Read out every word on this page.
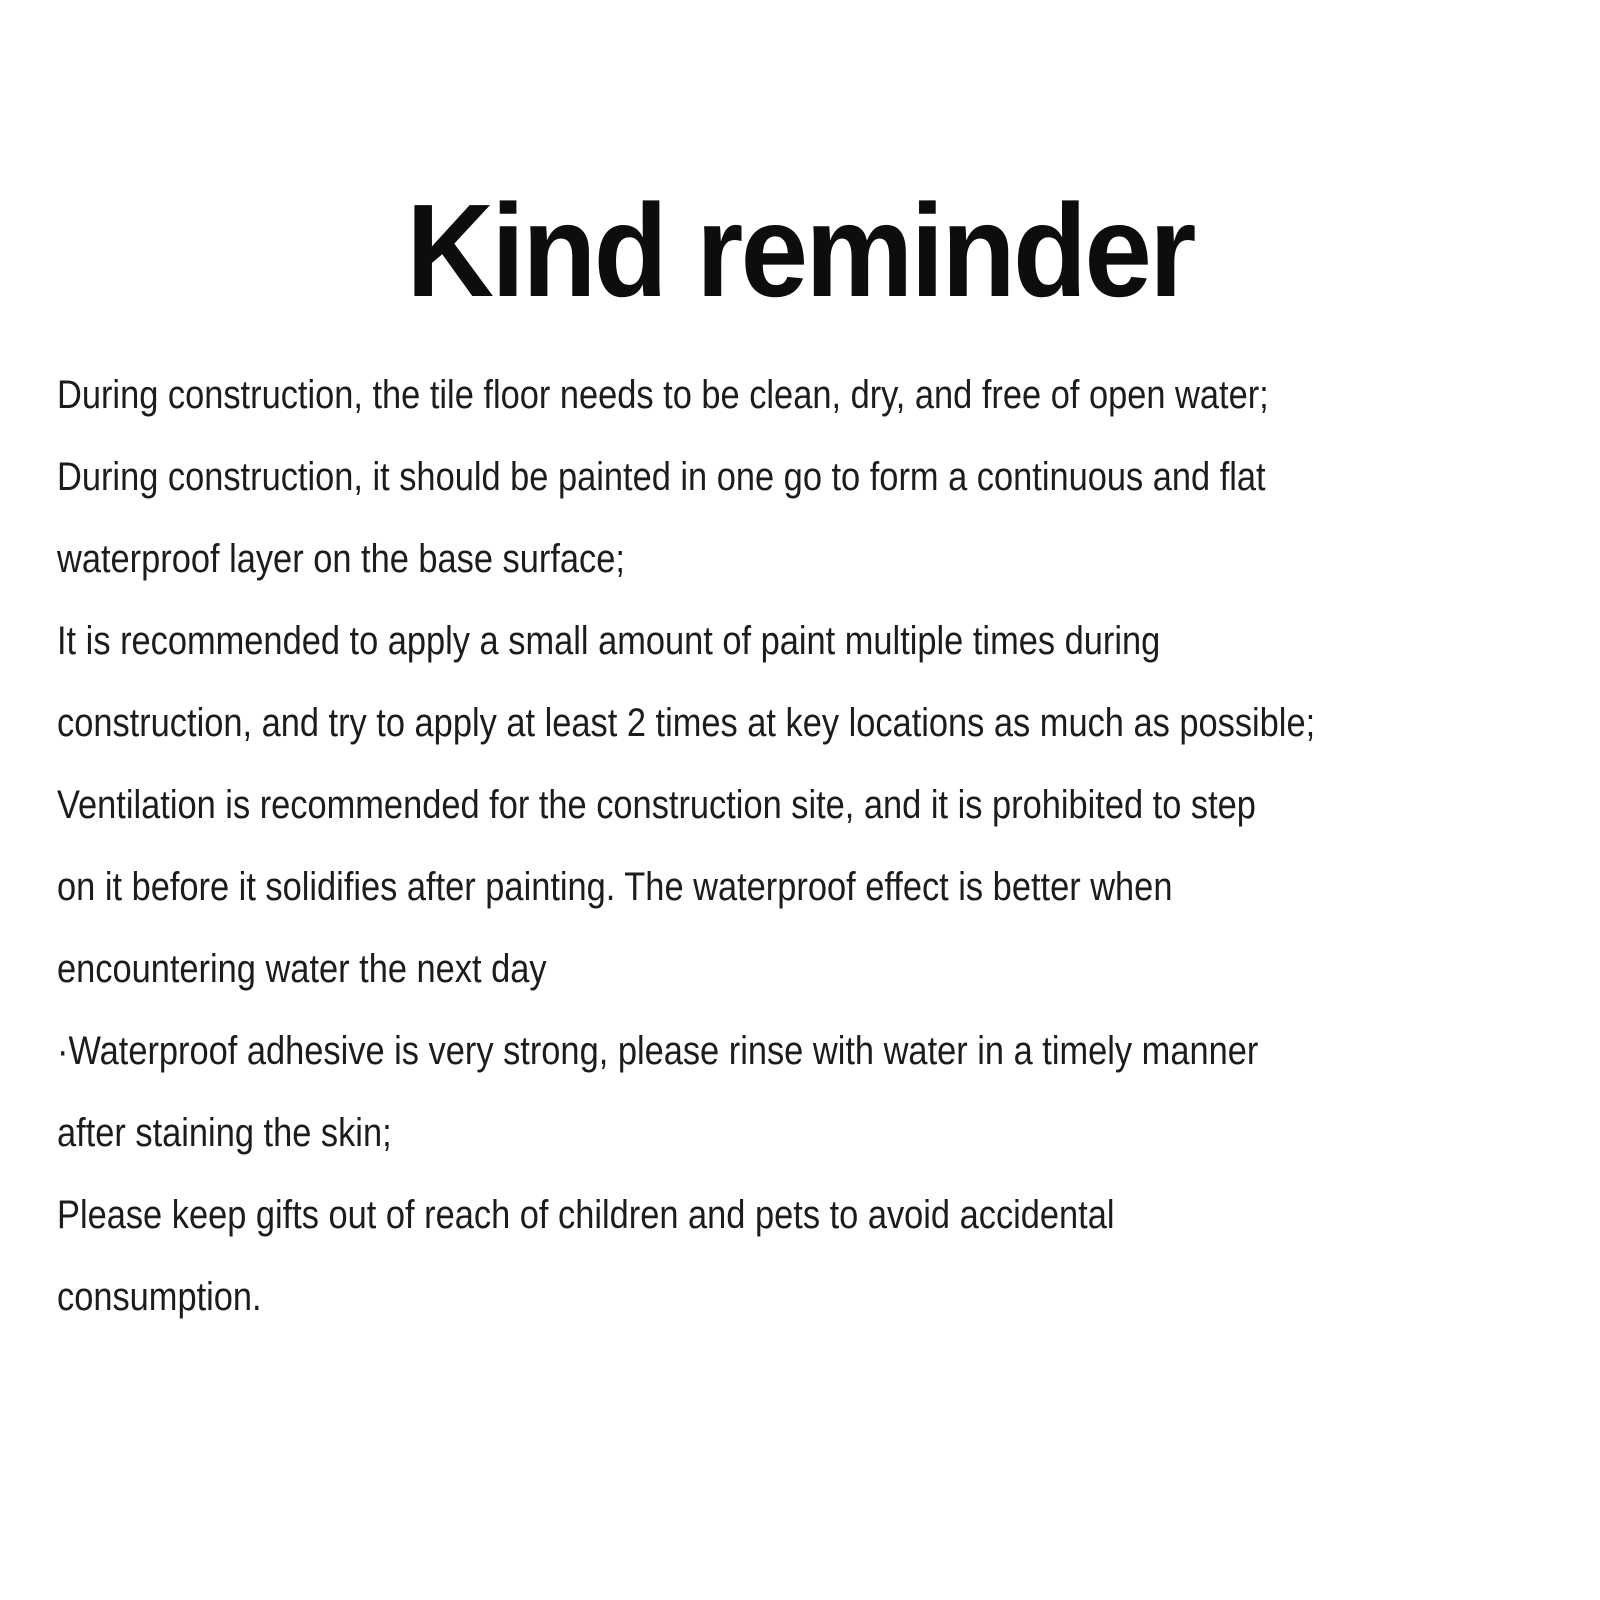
Kind reminder
During construction, the tile floor needs to be clean, dry, and free of open water;
During construction, it should be painted in one go to form a continuous and flat
waterproof layer on the base surface;
It is recommended to apply a small amount of paint multiple times during
construction, and try to apply at least 2 times at key locations as much as possible;
Ventilation is recommended for the construction site, and it is prohibited to step
on it before it solidifies after painting. The waterproof effect is better when
encountering water the next day
·Waterproof adhesive is very strong, please rinse with water in a timely manner
after staining the skin;
Please keep gifts out of reach of children and pets to avoid accidental
consumption.
